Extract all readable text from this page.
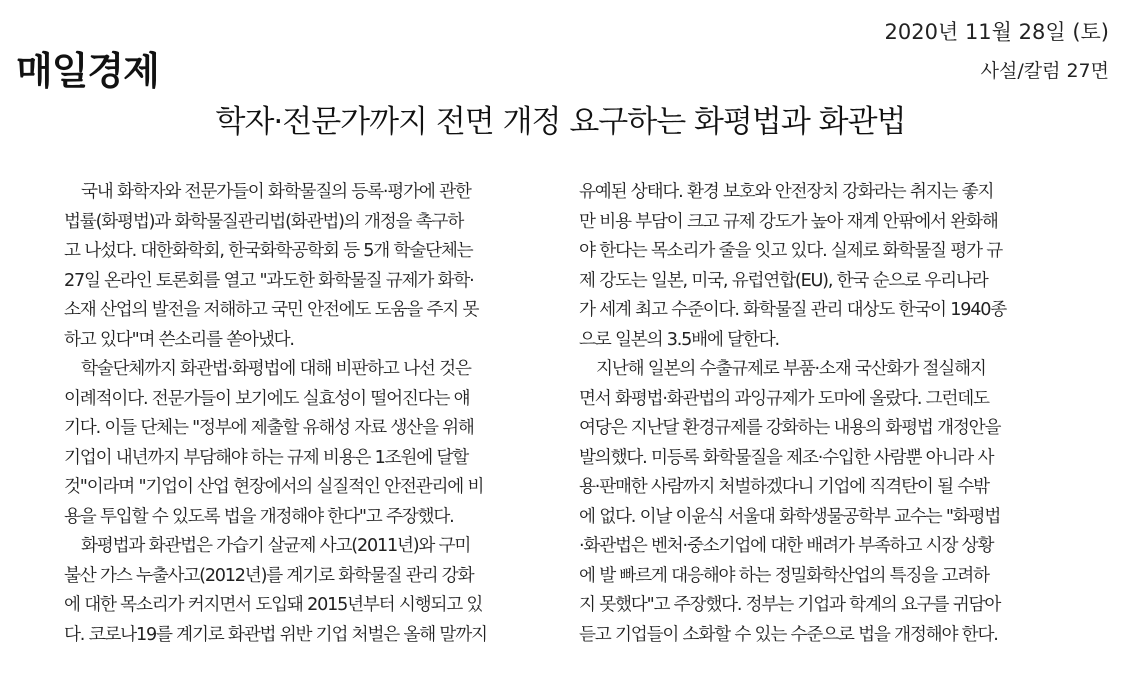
매일경제
2020년 11월 28일 (토)
사설/칼럼 27면
학자·전문가까지 전면 개정 요구하는 화평법과 화관법
국내 화학자와 전문가들이 화학물질의 등록·평가에 관한
법률(화평법)과 화학물질관리법(화관법)의 개정을 촉구하
고 나섰다. 대한화학회, 한국화학공학회 등 5개 학술단체는
27일 온라인 토론회를 열고 "과도한 화학물질 규제가 화학·
소재 산업의 발전을 저해하고 국민 안전에도 도움을 주지 못
하고 있다"며 쓴소리를 쏟아냈다.
학술단체까지 화관법·화평법에 대해 비판하고 나선 것은
이례적이다. 전문가들이 보기에도 실효성이 떨어진다는 얘
기다. 이들 단체는 "정부에 제출할 유해성 자료 생산을 위해
기업이 내년까지 부담해야 하는 규제 비용은 1조원에 달할
것"이라며 "기업이 산업 현장에서의 실질적인 안전관리에 비
용을 투입할 수 있도록 법을 개정해야 한다"고 주장했다.
화평법과 화관법은 가습기 살균제 사고(2011년)와 구미
불산 가스 누출사고(2012년)를 계기로 화학물질 관리 강화
에 대한 목소리가 커지면서 도입돼 2015년부터 시행되고 있
다. 코로나19를 계기로 화관법 위반 기업 처벌은 올해 말까지
유예된 상태다. 환경 보호와 안전장치 강화라는 취지는 좋지
만 비용 부담이 크고 규제 강도가 높아 재계 안팎에서 완화해
야 한다는 목소리가 줄을 잇고 있다. 실제로 화학물질 평가 규
제 강도는 일본, 미국, 유럽연합(EU), 한국 순으로 우리나라
가 세계 최고 수준이다. 화학물질 관리 대상도 한국이 1940종
으로 일본의 3.5배에 달한다.
지난해 일본의 수출규제로 부품·소재 국산화가 절실해지
면서 화평법·화관법의 과잉규제가 도마에 올랐다. 그런데도
여당은 지난달 환경규제를 강화하는 내용의 화평법 개정안을
발의했다. 미등록 화학물질을 제조·수입한 사람뿐 아니라 사
용·판매한 사람까지 처벌하겠다니 기업에 직격탄이 될 수밖
에 없다. 이날 이윤식 서울대 화학생물공학부 교수는 "화평법
·화관법은 벤처·중소기업에 대한 배려가 부족하고 시장 상황
에 발 빠르게 대응해야 하는 정밀화학산업의 특징을 고려하
지 못했다"고 주장했다. 정부는 기업과 학계의 요구를 귀담아
듣고 기업들이 소화할 수 있는 수준으로 법을 개정해야 한다.
